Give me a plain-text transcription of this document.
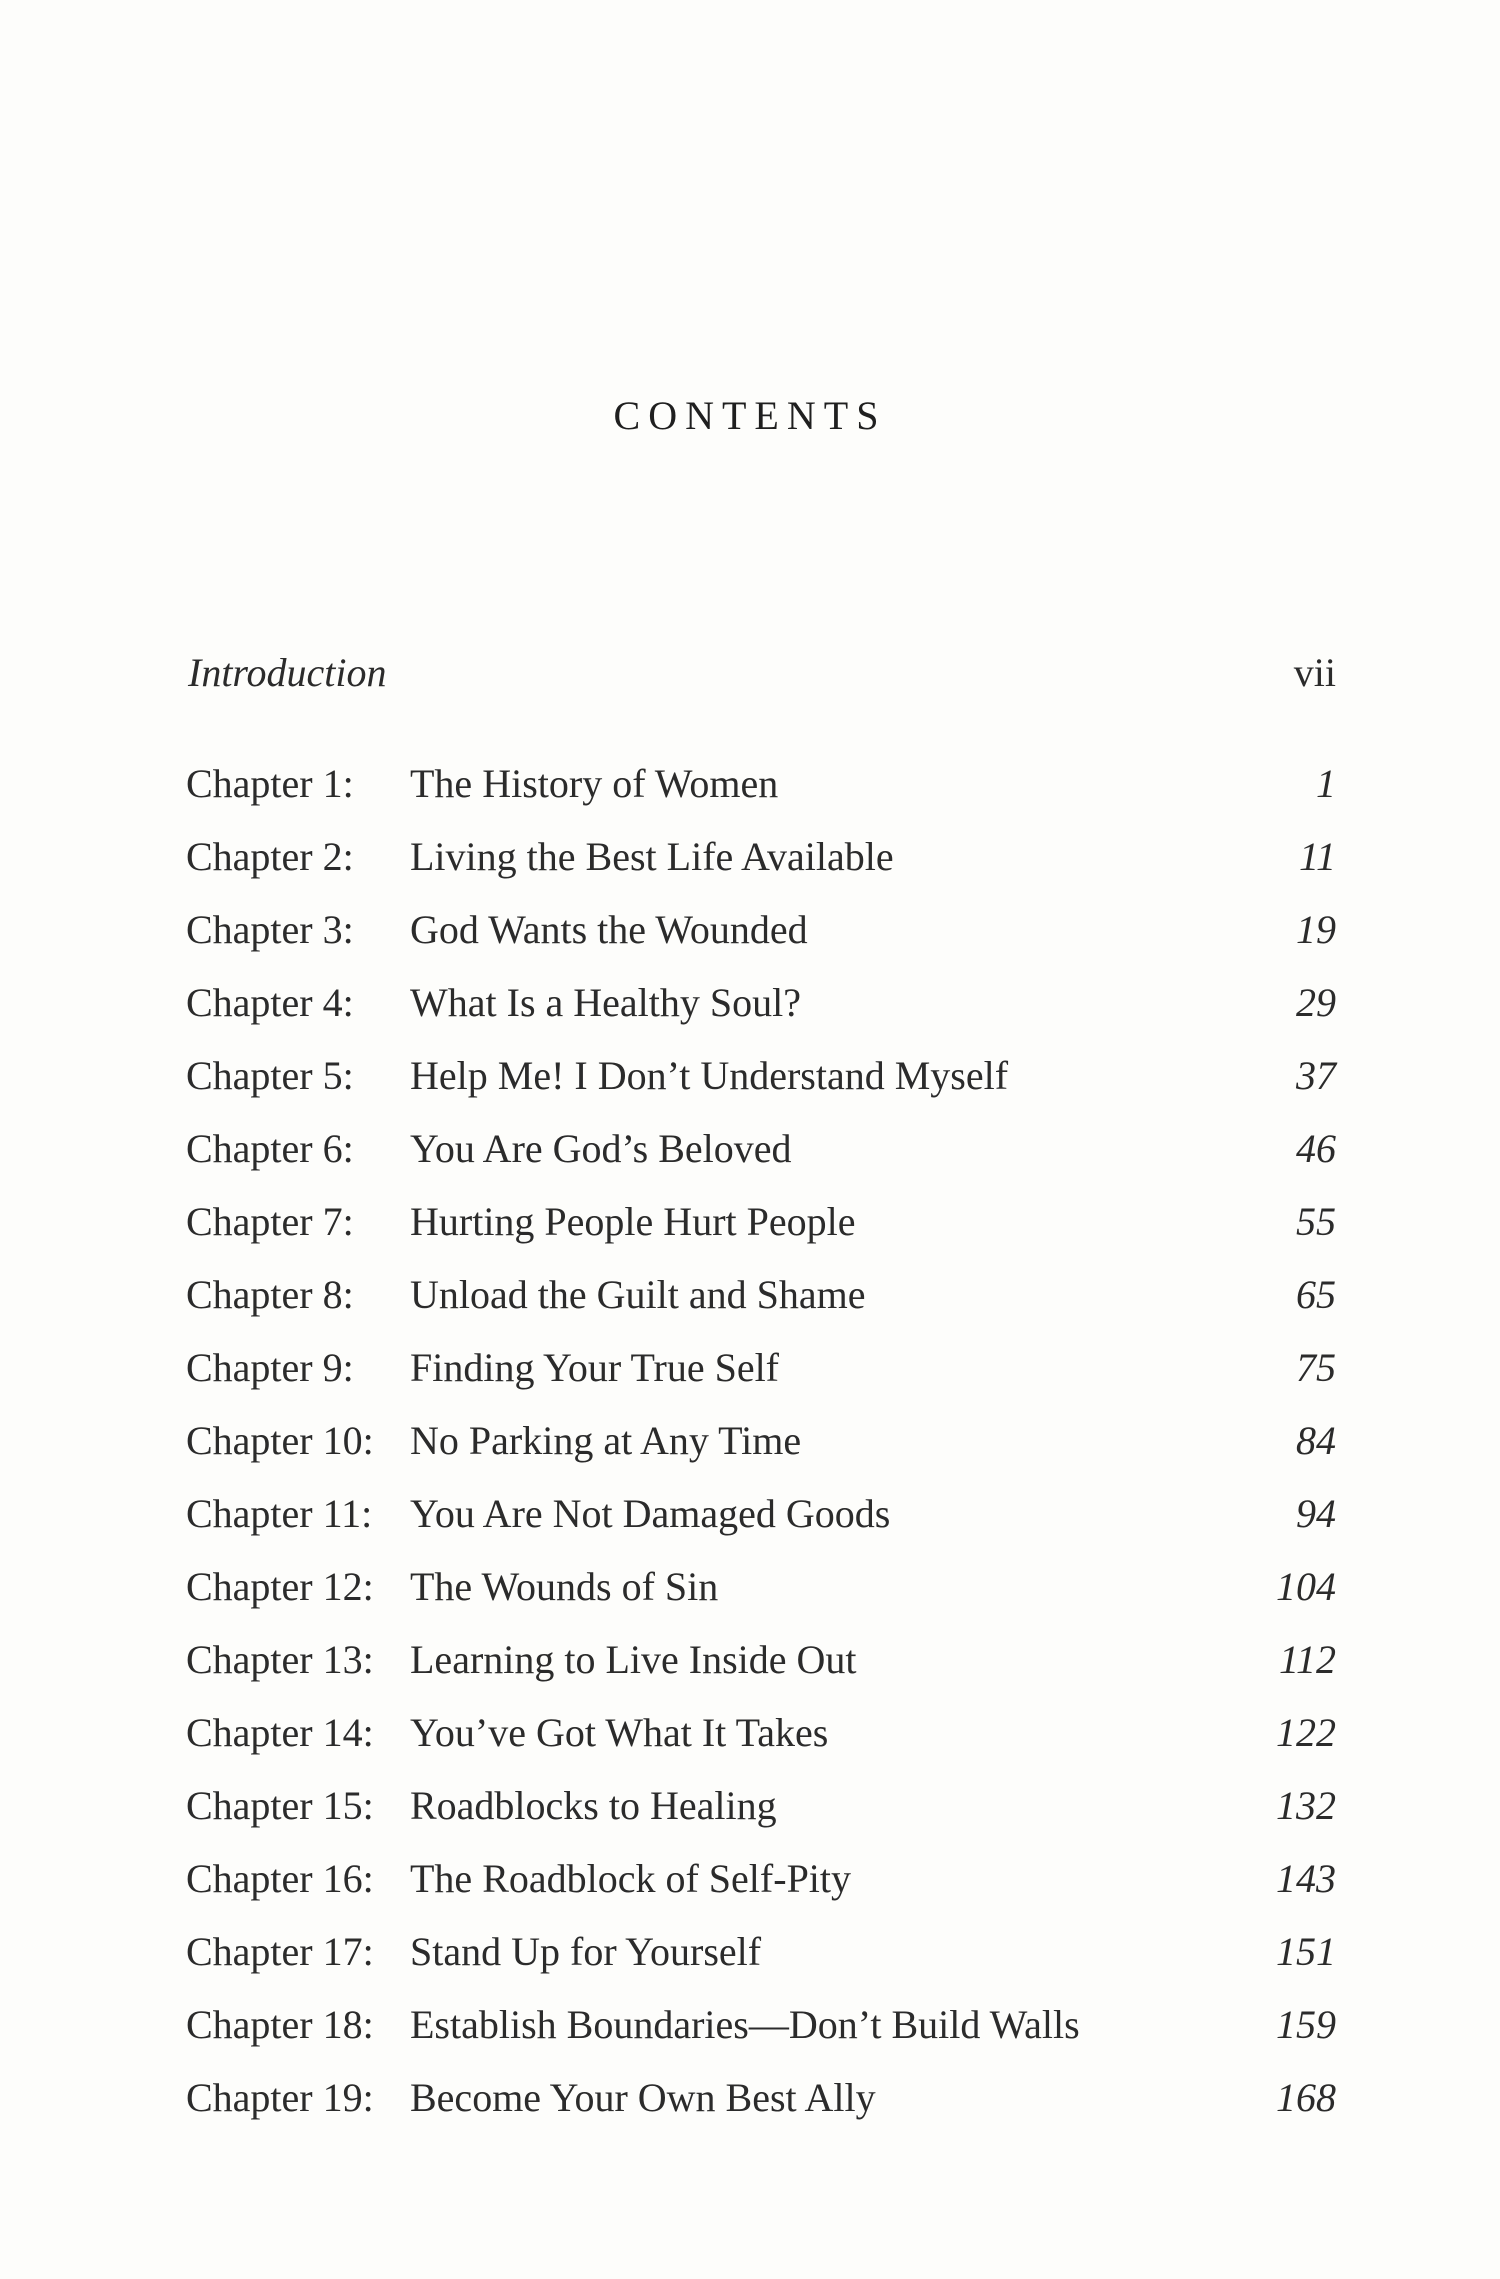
CONTENTS
Introduction	vii
Chapter 1: The History of Women	1
Chapter 2: Living the Best Life Available	11
Chapter 3: God Wants the Wounded	19
Chapter 4: What Is a Healthy Soul?	29
Chapter 5: Help Me! I Don’t Understand Myself	37
Chapter 6: You Are God’s Beloved	46
Chapter 7: Hurting People Hurt People	55
Chapter 8: Unload the Guilt and Shame	65
Chapter 9: Finding Your True Self	75
Chapter 10: No Parking at Any Time	84
Chapter 11: You Are Not Damaged Goods	94
Chapter 12: The Wounds of Sin	104
Chapter 13: Learning to Live Inside Out	112
Chapter 14: You’ve Got What It Takes	122
Chapter 15: Roadblocks to Healing	132
Chapter 16: The Roadblock of Self-Pity	143
Chapter 17: Stand Up for Yourself	151
Chapter 18: Establish Boundaries—Don’t Build Walls	159
Chapter 19: Become Your Own Best Ally	168
